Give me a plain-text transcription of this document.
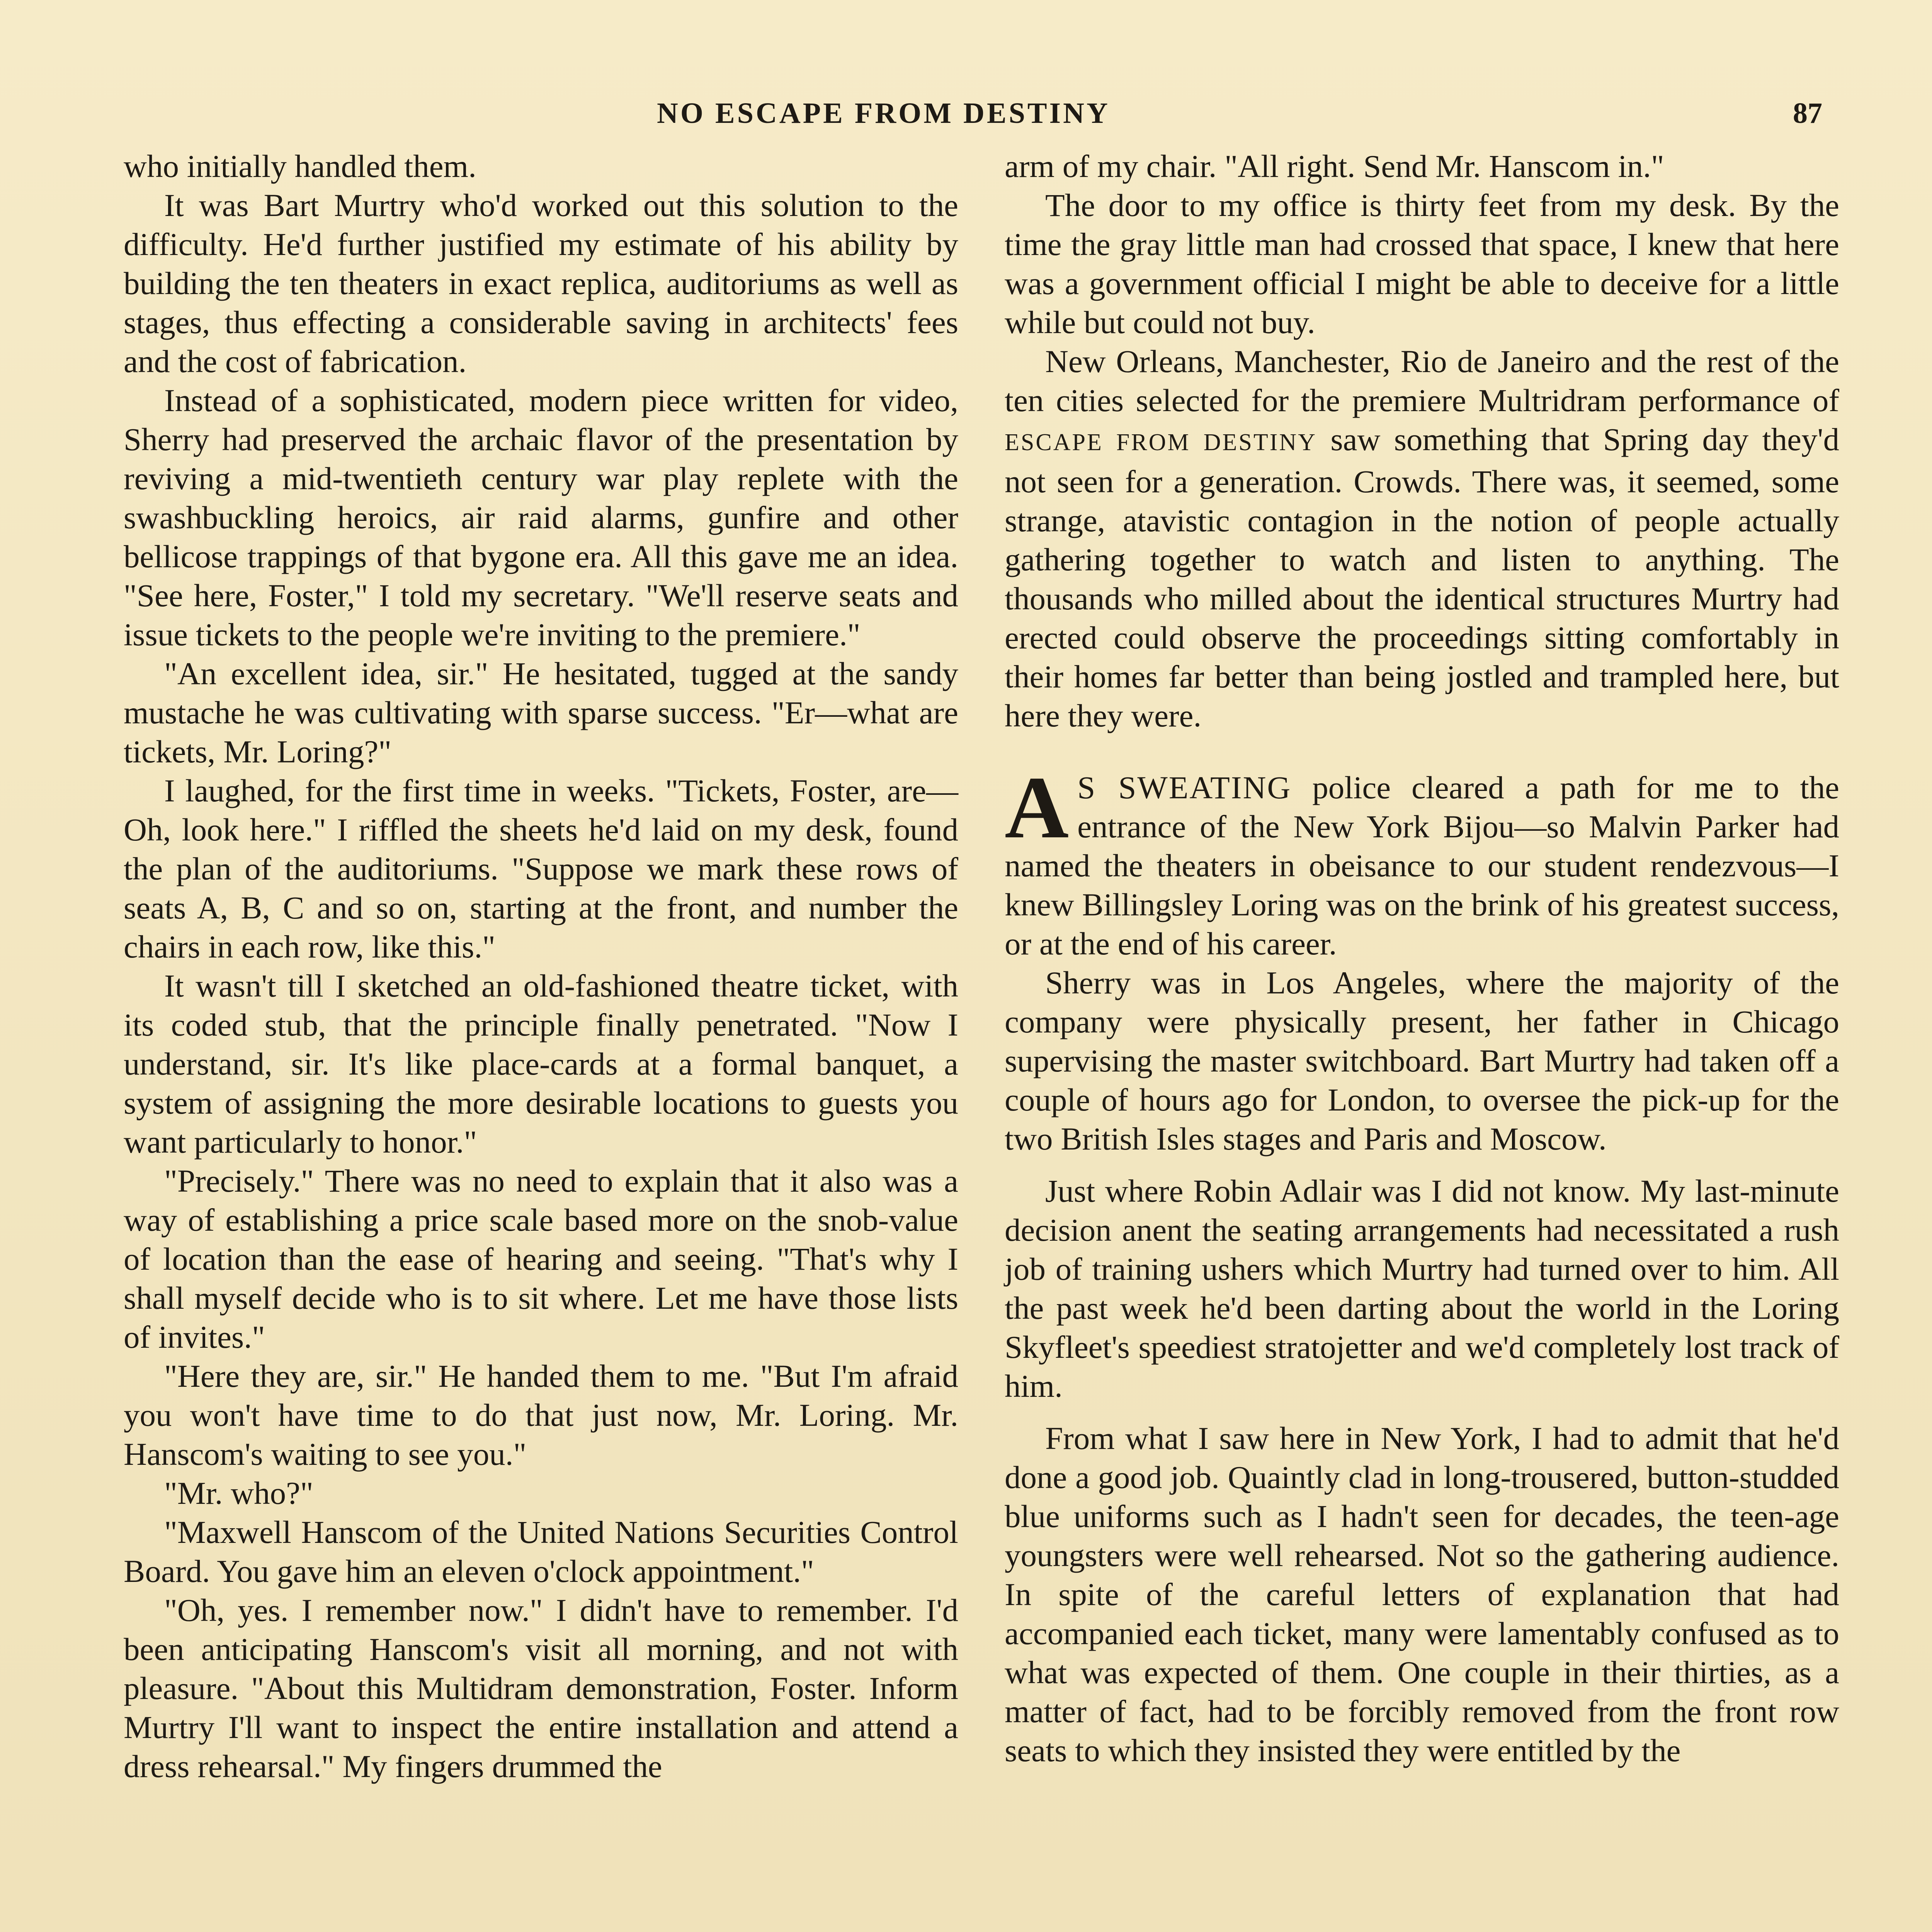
NO ESCAPE FROM DESTINY	87

who initially handled them.

It was Bart Murtry who'd worked out this solution to the difficulty. He'd further justified my estimate of his ability by building the ten theaters in exact replica, auditoriums as well as stages, thus effecting a considerable saving in architects' fees and the cost of fabrication.

Instead of a sophisticated, modern piece written for video, Sherry had preserved the archaic flavor of the presentation by reviving a mid-twentieth century war play replete with the swashbuckling heroics, air raid alarms, gunfire and other bellicose trappings of that bygone era. All this gave me an idea. "See here, Foster," I told my secretary. "We'll reserve seats and issue tickets to the people we're inviting to the premiere."

"An excellent idea, sir." He hesitated, tugged at the sandy mustache he was cultivating with sparse success. "Er—what are tickets, Mr. Loring?"

I laughed, for the first time in weeks. "Tickets, Foster, are— Oh, look here." I riffled the sheets he'd laid on my desk, found the plan of the auditoriums. "Suppose we mark these rows of seats A, B, C and so on, starting at the front, and number the chairs in each row, like this."

It wasn't till I sketched an old-fashioned theatre ticket, with its coded stub, that the principle finally penetrated. "Now I understand, sir. It's like place-cards at a formal banquet, a system of assigning the more desirable locations to guests you want particularly to honor."

"Precisely." There was no need to explain that it also was a way of establishing a price scale based more on the snob-value of location than the ease of hearing and seeing. "That's why I shall myself decide who is to sit where. Let me have those lists of invites."

"Here they are, sir." He handed them to me. "But I'm afraid you won't have time to do that just now, Mr. Loring. Mr. Hanscom's waiting to see you."

"Mr. who?"

"Maxwell Hanscom of the United Nations Securities Control Board. You gave him an eleven o'clock appointment."

"Oh, yes. I remember now." I didn't have to remember. I'd been anticipating Hanscom's visit all morning, and not with pleasure. "About this Multidram demonstration, Foster. Inform Murtry I'll want to inspect the entire installation and attend a dress rehearsal." My fingers drummed the

arm of my chair. "All right. Send Mr. Hanscom in."

The door to my office is thirty feet from my desk. By the time the gray little man had crossed that space, I knew that here was a government official I might be able to deceive for a little while but could not buy.

New Orleans, Manchester, Rio de Janeiro and the rest of the ten cities selected for the premiere Multridram performance of ESCAPE FROM DESTINY saw something that Spring day they'd not seen for a generation. Crowds. There was, it seemed, some strange, atavistic contagion in the notion of people actually gathering together to watch and listen to anything. The thousands who milled about the identical structures Murtry had erected could observe the proceedings sitting comfortably in their homes far better than being jostled and trampled here, but here they were.

A S SWEATING police cleared a path for me to the entrance of the New York Bijou—so Malvin Parker had named the theaters in obeisance to our student rendezvous—I knew Billingsley Loring was on the brink of his greatest success, or at the end of his career.

Sherry was in Los Angeles, where the majority of the company were physically present, her father in Chicago supervising the master switchboard. Bart Murtry had taken off a couple of hours ago for London, to oversee the pick-up for the two British Isles stages and Paris and Moscow.

Just where Robin Adlair was I did not know. My last-minute decision anent the seating arrangements had necessitated a rush job of training ushers which Murtry had turned over to him. All the past week he'd been darting about the world in the Loring Skyfleet's speediest stratojetter and we'd completely lost track of him.

From what I saw here in New York, I had to admit that he'd done a good job. Quaintly clad in long-trousered, button-studded blue uniforms such as I hadn't seen for decades, the teen-age youngsters were well rehearsed. Not so the gathering audience. In spite of the careful letters of explanation that had accompanied each ticket, many were lamentably confused as to what was expected of them. One couple in their thirties, as a matter of fact, had to be forcibly removed from the front row seats to which they insisted they were entitled by the
